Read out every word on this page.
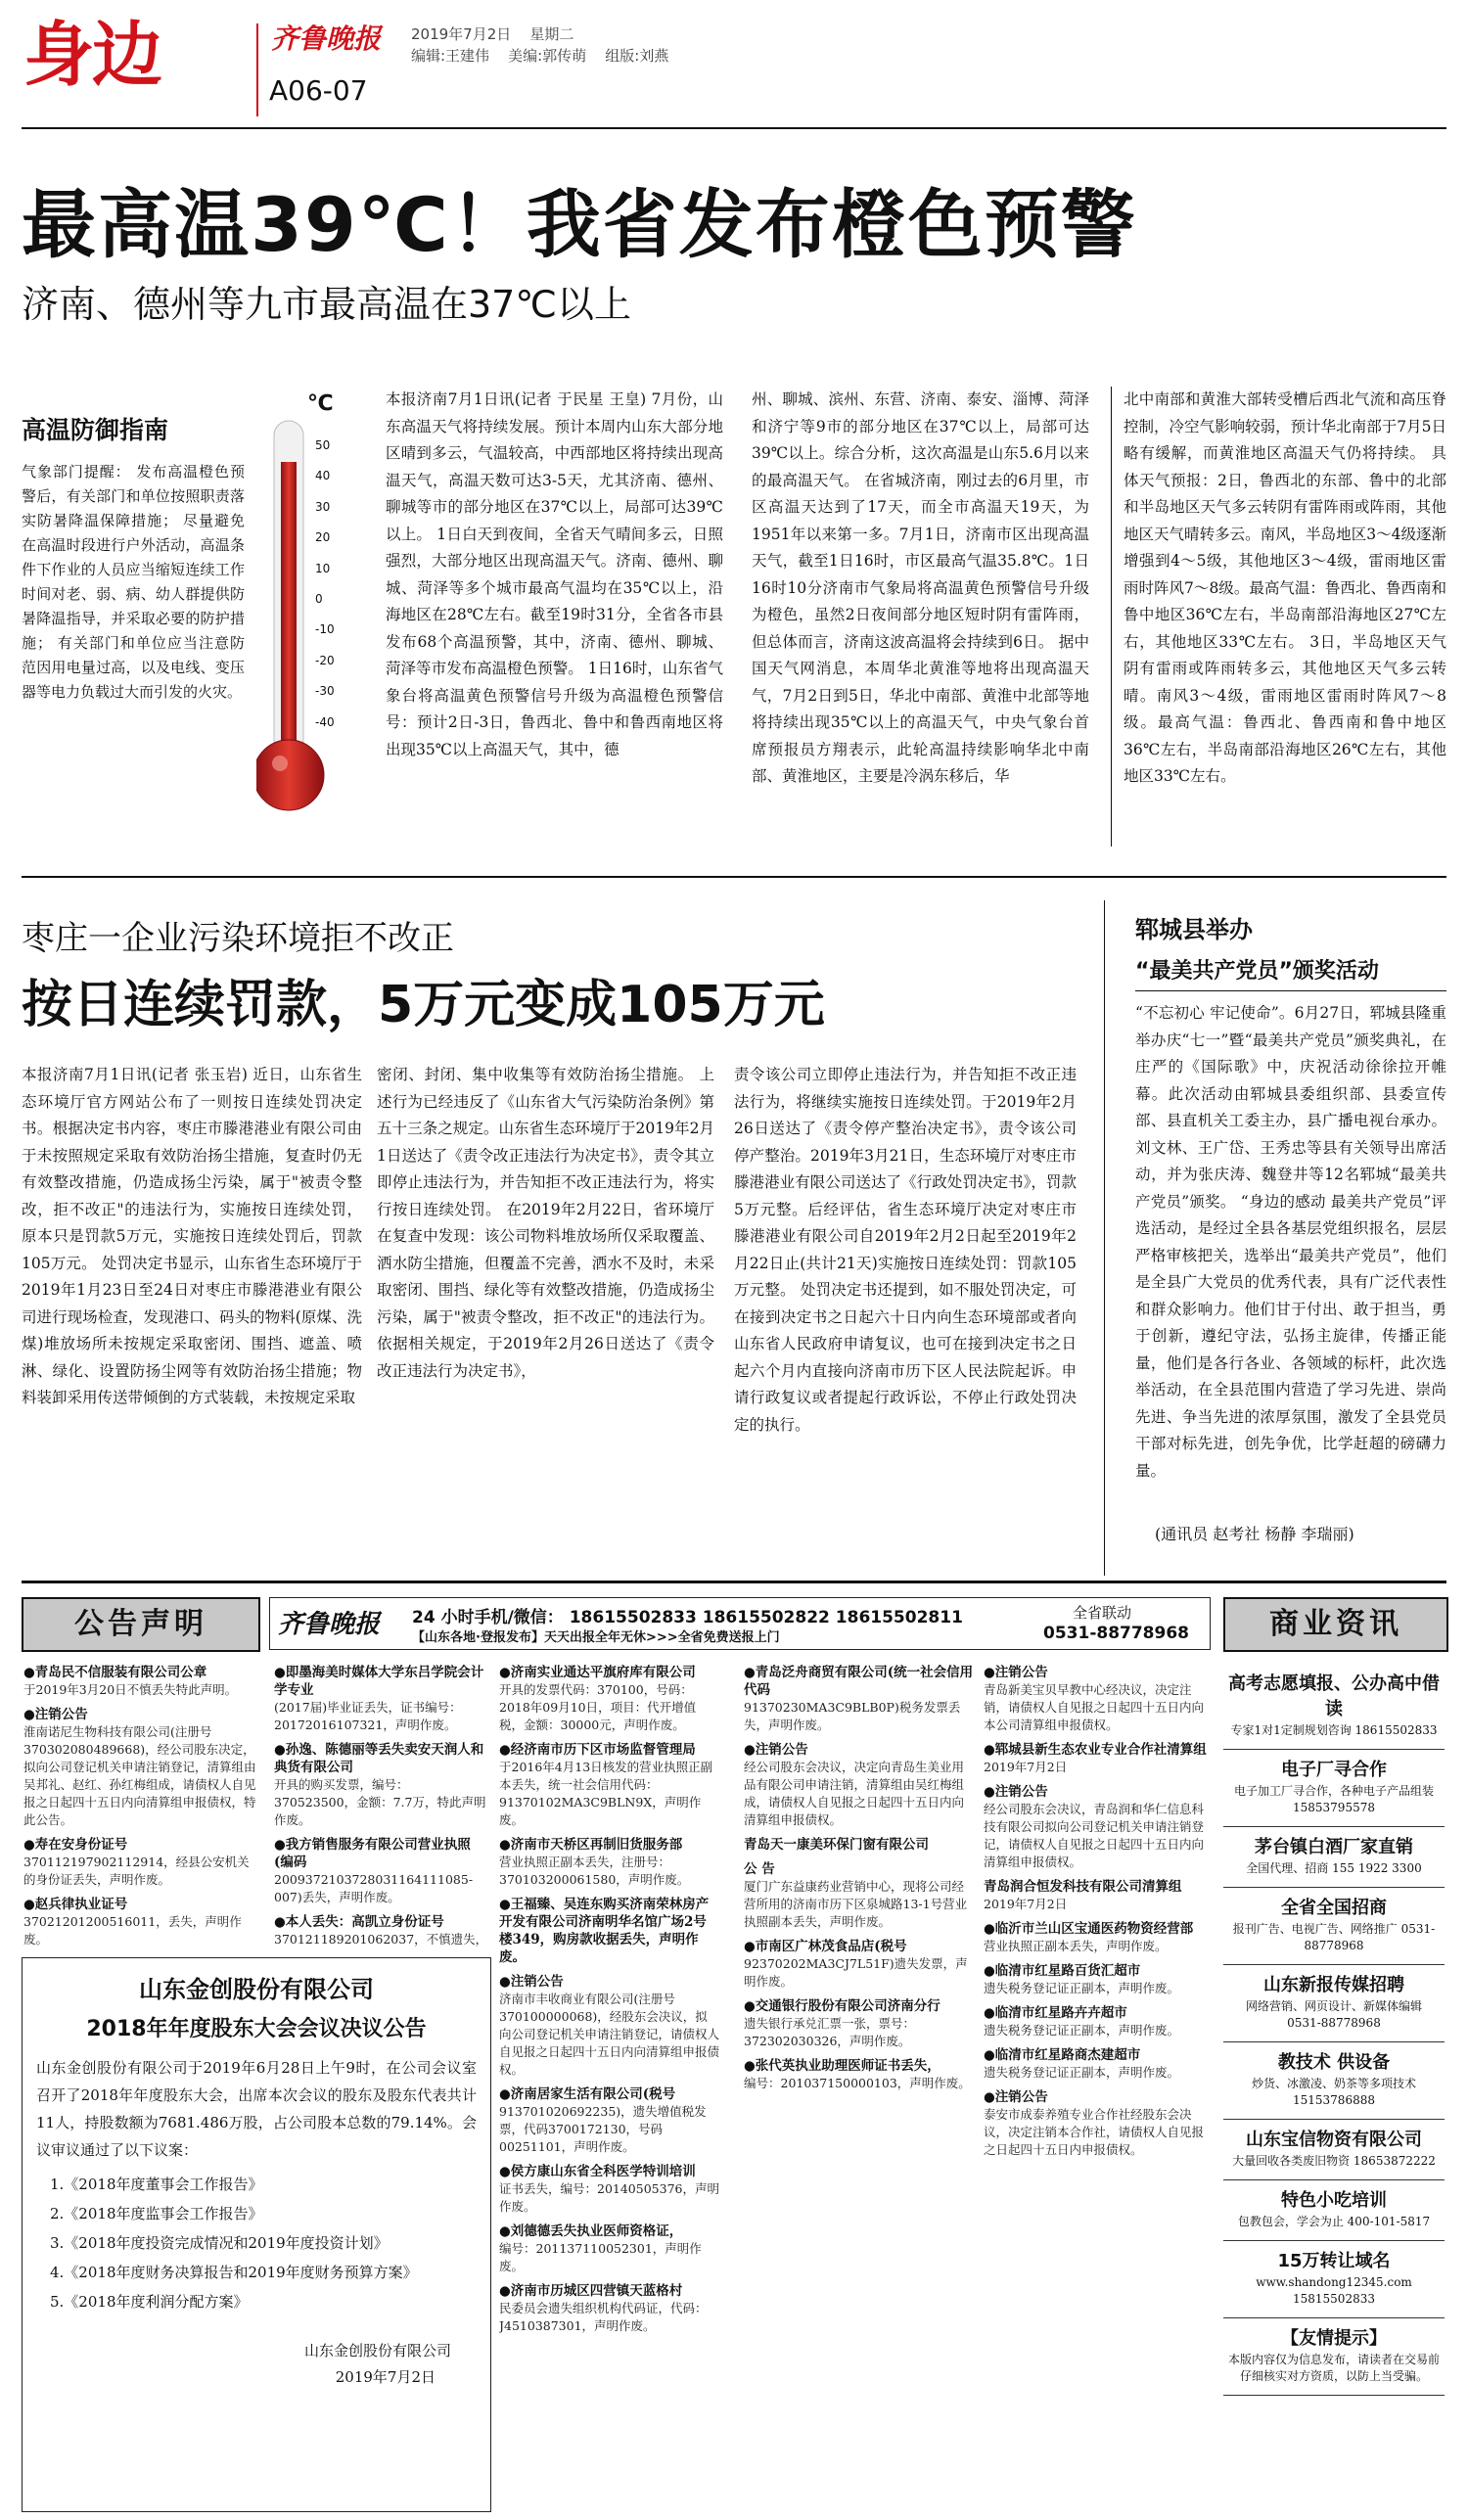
身边	齐鲁晚报
A06-07
2019年7月2日 星期二
编辑:王建伟 美编:郭传萌 组版:刘燕
最高温39℃！我省发布橙色预警
济南、德州等九市最高温在37℃以上
高温防御指南
气象部门提醒： 发布高温橙色预警后，有关部门和单位按照职责落实防暑降温保障措施； 尽量避免在高温时段进行户外活动，高温条件下作业的人员应当缩短连续工作时间对老、弱、病、幼人群提供防暑降温指导，并采取必要的防护措施； 有关部门和单位应当注意防范因用电量过高，以及电线、变压器等电力负载过大而引发的火灾。
℃
50
40
30
20
10
0
-10
-20
-30
-40
本报济南7月1日讯(记者 于民星 王皇) 7月份，山东高温天气将持续发展。预计本周内山东大部分地区晴到多云，气温较高，中西部地区将持续出现高温天气，高温天数可达3-5天，尤其济南、德州、聊城等市的部分地区在37℃以上，局部可达39℃以上。 1日白天到夜间，全省天气晴间多云，日照强烈，大部分地区出现高温天气。济南、德州、聊城、菏泽等多个城市最高气温均在35℃以上，沿海地区在28℃左右。截至19时31分，全省各市县发布68个高温预警，其中，济南、德州、聊城、菏泽等市发布高温橙色预警。 1日16时，山东省气象台将高温黄色预警信号升级为高温橙色预警信号：预计2日-3日，鲁西北、鲁中和鲁西南地区将出现35℃以上高温天气，其中，德
州、聊城、滨州、东营、济南、泰安、淄博、菏泽和济宁等9市的部分地区在37℃以上，局部可达39℃以上。综合分析，这次高温是山东5.6月以来的最高温天气。 在省城济南，刚过去的6月里，市区高温天达到了17天，而全市高温天19天，为1951年以来第一多。7月1日，济南市区出现高温天气，截至1日16时，市区最高气温35.8℃。1日16时10分济南市气象局将高温黄色预警信号升级为橙色，虽然2日夜间部分地区短时阴有雷阵雨，但总体而言，济南这波高温将会持续到6日。 据中国天气网消息，本周华北黄淮等地将出现高温天气，7月2日到5日，华北中南部、黄淮中北部等地将持续出现35℃以上的高温天气，中央气象台首席预报员方翔表示，此轮高温持续影响华北中南部、黄淮地区，主要是冷涡东移后，华
北中南部和黄淮大部转受槽后西北气流和高压脊控制，冷空气影响较弱，预计华北南部于7月5日略有缓解，而黄淮地区高温天气仍将持续。 具体天气预报：2日，鲁西北的东部、鲁中的北部和半岛地区天气多云转阴有雷阵雨或阵雨，其他地区天气晴转多云。南风，半岛地区3～4级逐渐增强到4～5级，其他地区3～4级，雷雨地区雷雨时阵风7～8级。最高气温：鲁西北、鲁西南和鲁中地区36℃左右，半岛南部沿海地区27℃左右，其他地区33℃左右。 3日，半岛地区天气阴有雷雨或阵雨转多云，其他地区天气多云转晴。南风3～4级，雷雨地区雷雨时阵风7～8级。最高气温：鲁西北、鲁西南和鲁中地区36℃左右，半岛南部沿海地区26℃左右，其他地区33℃左右。
枣庄一企业污染环境拒不改正
按日连续罚款，5万元变成105万元
本报济南7月1日讯(记者 张玉岩) 近日，山东省生态环境厅官方网站公布了一则按日连续处罚决定书。根据决定书内容，枣庄市滕港港业有限公司由于未按照规定采取有效防治扬尘措施，复查时仍无有效整改措施，仍造成扬尘污染，属于"被责令整改，拒不改正"的违法行为，实施按日连续处罚，原本只是罚款5万元，实施按日连续处罚后，罚款105万元。 处罚决定书显示，山东省生态环境厅于2019年1月23日至24日对枣庄市滕港港业有限公司进行现场检查，发现港口、码头的物料(原煤、洗煤)堆放场所未按规定采取密闭、围挡、遮盖、喷淋、绿化、设置防扬尘网等有效防治扬尘措施；物料装卸采用传送带倾倒的方式装载，未按规定采取
密闭、封闭、集中收集等有效防治扬尘措施。 上述行为已经违反了《山东省大气污染防治条例》第五十三条之规定。山东省生态环境厅于2019年2月1日送达了《责令改正违法行为决定书》，责令其立即停止违法行为，并告知拒不改正违法行为，将实行按日连续处罚。 在2019年2月22日，省环境厅在复查中发现：该公司物料堆放场所仅采取覆盖、洒水防尘措施，但覆盖不完善，洒水不及时，未采取密闭、围挡、绿化等有效整改措施，仍造成扬尘污染，属于"被责令整改，拒不改正"的违法行为。 依据相关规定，于2019年2月26日送达了《责令改正违法行为决定书》，
责令该公司立即停止违法行为，并告知拒不改正违法行为，将继续实施按日连续处罚。于2019年2月26日送达了《责令停产整治决定书》，责令该公司停产整治。2019年3月21日，生态环境厅对枣庄市滕港港业有限公司送达了《行政处罚决定书》，罚款5万元整。后经评估，省生态环境厅决定对枣庄市滕港港业有限公司自2019年2月2日起至2019年2月22日止(共计21天)实施按日连续处罚：罚款105万元整。 处罚决定书还提到，如不服处罚决定，可在接到决定书之日起六十日内向生态环境部或者向山东省人民政府申请复议，也可在接到决定书之日起六个月内直接向济南市历下区人民法院起诉。申请行政复议或者提起行政诉讼，不停止行政处罚决定的执行。
郓城县举办
“最美共产党员”颁奖活动
“不忘初心 牢记使命”。6月27日，郓城县隆重举办庆“七一”暨“最美共产党员”颁奖典礼，在庄严的《国际歌》中，庆祝活动徐徐拉开帷幕。此次活动由郓城县委组织部、县委宣传部、县直机关工委主办，县广播电视台承办。刘文林、王广岱、王秀忠等县有关领导出席活动，并为张庆涛、魏登井等12名郓城“最美共产党员”颁奖。 “身边的感动 最美共产党员”评选活动，是经过全县各基层党组织报名，层层严格审核把关，选举出“最美共产党员”，他们是全县广大党员的优秀代表，具有广泛代表性和群众影响力。他们甘于付出、敢于担当，勇于创新，遵纪守法，弘扬主旋律，传播正能量，他们是各行各业、各领域的标杆，此次选举活动，在全县范围内营造了学习先进、崇尚先进、争当先进的浓厚氛围，激发了全县党员干部对标先进，创先争优，比学赶超的磅礴力量。
(通讯员 赵考社 杨静 李瑞丽)
公告声明	齐鲁晚报 24 小时手机/微信： 18615502833 18615502822 18615502811
【山东各地·登报发布】天天出报全年无休>>>全省免费送报上门
全省联动
0531-88778968	商业资讯
●青岛民不信服装有限公司公章
于2019年3月20日不慎丢失特此声明。
●注销公告
淮南诺尼生物科技有限公司(注册号370302080489668)，经公司股东决定，拟向公司登记机关申请注销登记，清算组由吴邦礼、赵红、孙红梅组成，请债权人自见报之日起四十五日内向清算组申报债权，特此公告。
●寿在安身份证号
370112197902112914，经县公安机关的身份证丢失，声明作废。
●赵兵律执业证号
37021201200516011，丢失，声明作废。
●即墨海美时媒体大学东吕学院会计学专业
(2017届)毕业证丢失，证书编号：20172016107321，声明作废。
●孙逸、陈德丽等丢失卖安天润人和典货有限公司
开具的购买发票，编号：370523500，金额：7.7万，特此声明作废。
●我方销售服务有限公司营业执照(编码
2009372103728031164111085-007)丢失，声明作废。
●本人丢失：高凯立身份证号
370121189201062037，不慎遗失，
●济南实业通达平旗府库有限公司
开具的发票代码：370100，号码：2018年09月10日，项目：代开增值税，金额：30000元，声明作废。
●经济南市历下区市场监督管理局
于2016年4月13日核发的营业执照正副本丢失，统一社会信用代码：91370102MA3C9BLN9X，声明作废。
●济南市天桥区再制旧货服务部
营业执照正副本丢失，注册号：370103200061580，声明作废。
●王福臻、吴连东购买济南荣林房产开发有限公司济南明华名馆广场2号楼349，购房款收据丢失，声明作废。
●注销公告
济南市丰收商业有限公司(注册号370100000068)，经股东会决议，拟向公司登记机关申请注销登记，请债权人自见报之日起四十五日内向清算组申报债权。
●济南居家生活有限公司(税号
913701020692235)，遗失增值税发票，代码3700172130，号码00251101，声明作废。
●侯方康山东省全科医学特训培训
证书丢失，编号：20140505376，声明作废。
●刘德德丢失执业医师资格证，
编号：201137110052301，声明作废。
●济南市历城区四营镇天蓝格村
民委员会遗失组织机构代码证，代码：J4510387301，声明作废。
●青岛泛舟商贸有限公司(统一社会信用代码
91370230MA3C9BLB0P)税务发票丢失，声明作废。
●注销公告
经公司股东会决议，决定向青岛生美业用品有限公司申请注销，清算组由吴红梅组成，请债权人自见报之日起四十五日内向清算组申报债权。
青岛天一康美环保门窗有限公司
公 告
厦门广东益康药业营销中心，现将公司经营所用的济南市历下区泉城路13-1号营业执照副本丢失，声明作废。
●市南区广林茂食品店(税号
92370202MA3CJ7L51F)遗失发票，声明作废。
●交通银行股份有限公司济南分行
遗失银行承兑汇票一张，票号：372302030326，声明作废。
●张代英执业助理医师证书丢失，
编号：201037150000103，声明作废。
●注销公告
青岛新美宝贝早教中心经决议，决定注销，请债权人自见报之日起四十五日内向本公司清算组申报债权。
●郓城县新生态农业专业合作社清算组
2019年7月2日
●注销公告
经公司股东会决议，青岛润和华仁信息科技有限公司拟向公司登记机关申请注销登记，请债权人自见报之日起四十五日内向清算组申报债权。
青岛润合恒发科技有限公司清算组
2019年7月2日
●临沂市兰山区宝通医药物资经营部
营业执照正副本丢失，声明作废。
●临清市红星路百货汇超市
遗失税务登记证正副本，声明作废。
●临清市红星路卉卉超市
遗失税务登记证正副本，声明作废。
●临清市红星路商杰建超市
遗失税务登记证正副本，声明作废。
●注销公告
泰安市成泰养殖专业合作社经股东会决议，决定注销本合作社，请债权人自见报之日起四十五日内申报债权。
高考志愿填报、公办高中借读
专家1对1定制规划咨询 18615502833
电子厂寻合作
电子加工厂寻合作，各种电子产品组装 15853795578
茅台镇白酒厂家直销
全国代理、招商 155 1922 3300
全省全国招商
报刊广告、电视广告、网络推广 0531-88778968
山东新报传媒招聘
网络营销、网页设计、新媒体编辑 0531-88778968
教技术 供设备
炒货、冰激凌、奶茶等多项技术 15153786888
山东宝信物资有限公司
大量回收各类废旧物资 18653872222
特色小吃培训
包教包会，学会为止 400-101-5817
15万转让域名
www.shandong12345.com 15815502833
【友情提示】
本版内容仅为信息发布，请读者在交易前仔细核实对方资质，以防上当受骗。
山东金创股份有限公司
2018年年度股东大会会议决议公告
山东金创股份有限公司于2019年6月28日上午9时，在公司会议室召开了2018年年度股东大会，出席本次会议的股东及股东代表共计11人，持股数额为7681.486万股，占公司股本总数的79.14%。会议审议通过了以下议案：
1.《2018年度董事会工作报告》
2.《2018年度监事会工作报告》
3.《2018年度投资完成情况和2019年度投资计划》
4.《2018年度财务决算报告和2019年度财务预算方案》
5.《2018年度利润分配方案》
山东金创股份有限公司
2019年7月2日
